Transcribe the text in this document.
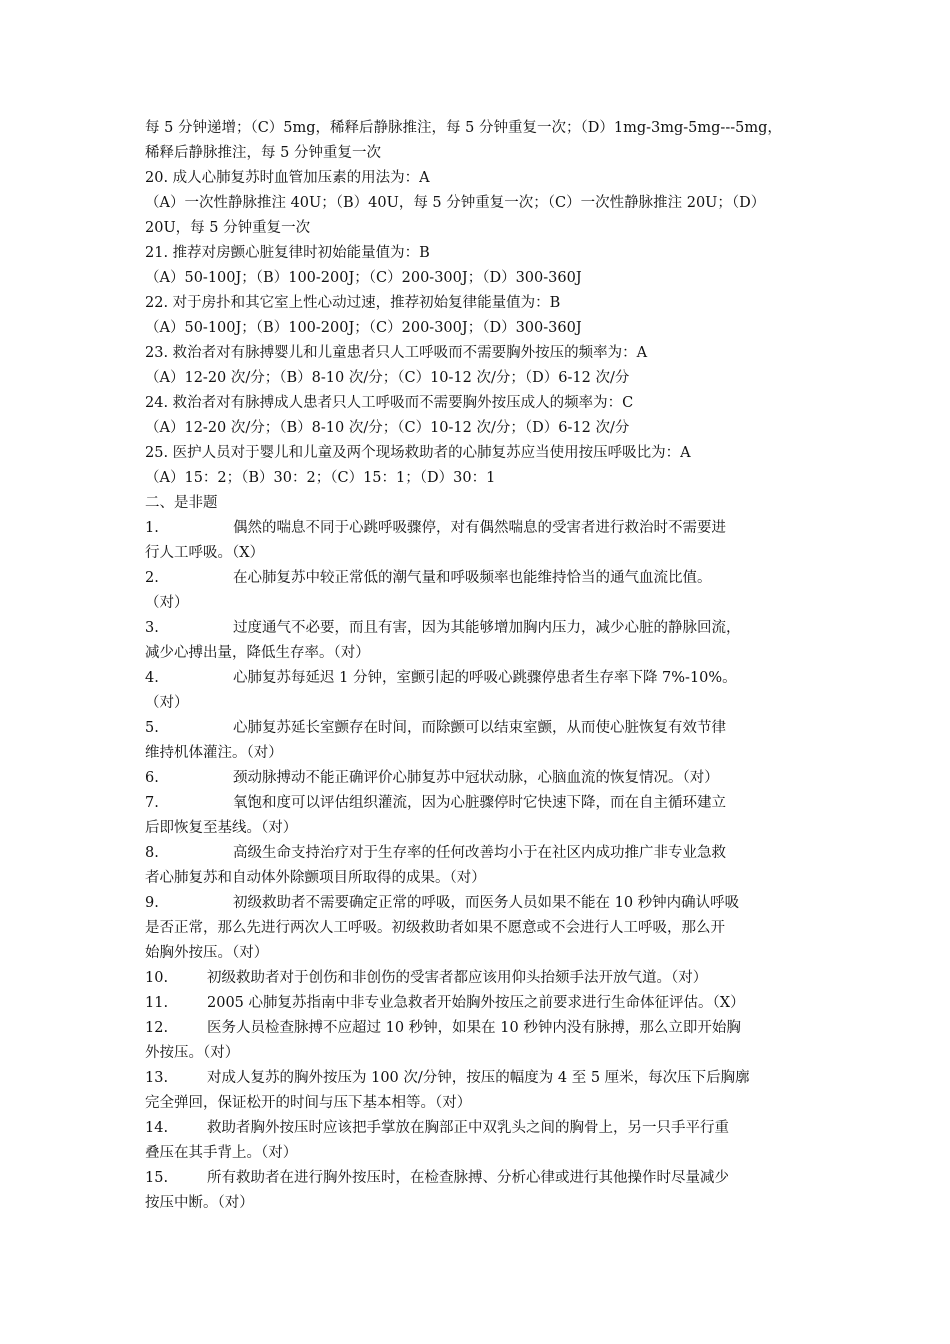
每 5 分钟递增；（C）5mg，稀释后静脉推注，每 5 分钟重复一次；（D）1mg-3mg-5mg---5mg，
稀释后静脉推注，每 5 分钟重复一次
20. 成人心肺复苏时血管加压素的用法为：A
（A）一次性静脉推注 40U；（B）40U，每 5 分钟重复一次；（C）一次性静脉推注 20U；（D）
20U，每 5 分钟重复一次
21. 推荐对房颤心脏复律时初始能量值为：B
（A）50-100J；（B）100-200J；（C）200-300J；（D）300-360J
22. 对于房扑和其它室上性心动过速，推荐初始复律能量值为：B
（A）50-100J；（B）100-200J；（C）200-300J；（D）300-360J
23. 救治者对有脉搏婴儿和儿童患者只人工呼吸而不需要胸外按压的频率为：A
（A）12-20 次/分；（B）8-10 次/分；（C）10-12 次/分；（D）6-12 次/分
24. 救治者对有脉搏成人患者只人工呼吸而不需要胸外按压成人的频率为：C
（A）12-20 次/分；（B）8-10 次/分；（C）10-12 次/分；（D）6-12 次/分
25. 医护人员对于婴儿和儿童及两个现场救助者的心肺复苏应当使用按压呼吸比为：A
（A）15：2；（B）30：2；（C）15：1；（D）30：1
二、是非题
1.	偶然的喘息不同于心跳呼吸骤停，对有偶然喘息的受害者进行救治时不需要进
行人工呼吸。（X）
2.	在心肺复苏中较正常低的潮气量和呼吸频率也能维持恰当的通气血流比值。
（对）
3.	过度通气不必要，而且有害，因为其能够增加胸内压力，减少心脏的静脉回流，
减少心搏出量，降低生存率。（对）
4.	心肺复苏每延迟 1 分钟，室颤引起的呼吸心跳骤停患者生存率下降 7%-10%。
（对）
5.	心肺复苏延长室颤存在时间，而除颤可以结束室颤，从而使心脏恢复有效节律
维持机体灌注。（对）
6.	颈动脉搏动不能正确评价心肺复苏中冠状动脉，心脑血流的恢复情况。（对）
7.	氧饱和度可以评估组织灌流，因为心脏骤停时它快速下降，而在自主循环建立
后即恢复至基线。（对）
8.	高级生命支持治疗对于生存率的任何改善均小于在社区内成功推广非专业急救
者心肺复苏和自动体外除颤项目所取得的成果。（对）
9.	初级救助者不需要确定正常的呼吸，而医务人员如果不能在 10 秒钟内确认呼吸
是否正常，那么先进行两次人工呼吸。初级救助者如果不愿意或不会进行人工呼吸，那么开
始胸外按压。（对）
10.	初级救助者对于创伤和非创伤的受害者都应该用仰头抬颏手法开放气道。（对）
11.	2005 心肺复苏指南中非专业急救者开始胸外按压之前要求进行生命体征评估。（X）
12.	医务人员检查脉搏不应超过 10 秒钟，如果在 10 秒钟内没有脉搏，那么立即开始胸
外按压。（对）
13.	对成人复苏的胸外按压为 100 次/分钟，按压的幅度为 4 至 5 厘米，每次压下后胸廓
完全弹回，保证松开的时间与压下基本相等。（对）
14.	救助者胸外按压时应该把手掌放在胸部正中双乳头之间的胸骨上，另一只手平行重
叠压在其手背上。（对）
15.	所有救助者在进行胸外按压时，在检查脉搏、分析心律或进行其他操作时尽量减少
按压中断。（对）
